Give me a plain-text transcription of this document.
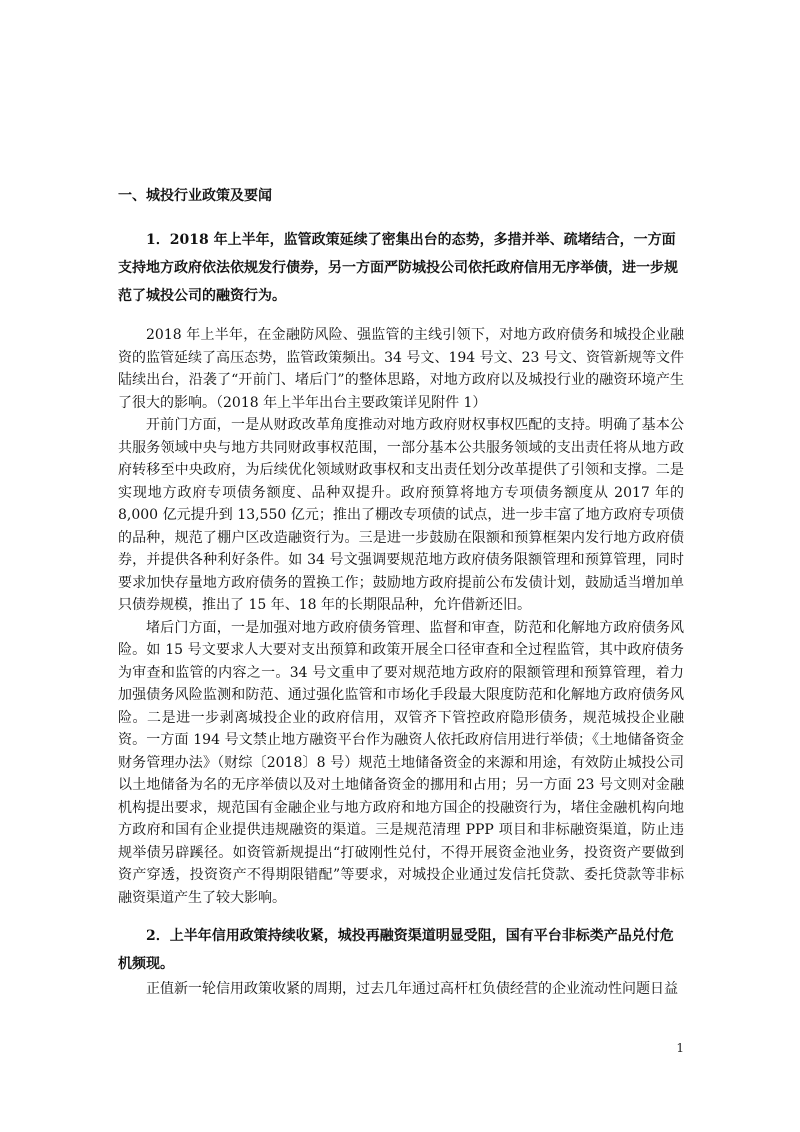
一、城投行业政策及要闻

1．2018 年上半年，监管政策延续了密集出台的态势，多措并举、疏堵结合，一方面支持地方政府依法依规发行债券，另一方面严防城投公司依托政府信用无序举债，进一步规范了城投公司的融资行为。

2018 年上半年，在金融防风险、强监管的主线引领下，对地方政府债务和城投企业融资的监管延续了高压态势，监管政策频出。34 号文、194 号文、23 号文、资管新规等文件陆续出台，沿袭了“开前门、堵后门”的整体思路，对地方政府以及城投行业的融资环境产生了很大的影响。（2018 年上半年出台主要政策详见附件 1）

开前门方面，一是从财政改革角度推动对地方政府财权事权匹配的支持。明确了基本公共服务领域中央与地方共同财政事权范围，一部分基本公共服务领域的支出责任将从地方政府转移至中央政府，为后续优化领域财政事权和支出责任划分改革提供了引领和支撑。二是实现地方政府专项债务额度、品种双提升。政府预算将地方专项债务额度从 2017 年的 8,000 亿元提升到 13,550 亿元；推出了棚改专项债的试点，进一步丰富了地方政府专项债的品种，规范了棚户区改造融资行为。三是进一步鼓励在限额和预算框架内发行地方政府债券，并提供各种利好条件。如 34 号文强调要规范地方政府债务限额管理和预算管理，同时要求加快存量地方政府债务的置换工作；鼓励地方政府提前公布发债计划，鼓励适当增加单只债券规模，推出了 15 年、18 年的长期限品种，允许借新还旧。

堵后门方面，一是加强对地方政府债务管理、监督和审查，防范和化解地方政府债务风险。如 15 号文要求人大要对支出预算和政策开展全口径审查和全过程监管，其中政府债务为审查和监管的内容之一。34 号文重申了要对规范地方政府的限额管理和预算管理，着力加强债务风险监测和防范、通过强化监管和市场化手段最大限度防范和化解地方政府债务风险。二是进一步剥离城投企业的政府信用，双管齐下管控政府隐形债务，规范城投企业融资。一方面 194 号文禁止地方融资平台作为融资人依托政府信用进行举债；《土地储备资金财务管理办法》（财综〔2018〕8 号）规范土地储备资金的来源和用途，有效防止城投公司以土地储备为名的无序举债以及对土地储备资金的挪用和占用；另一方面 23 号文则对金融机构提出要求，规范国有金融企业与地方政府和地方国企的投融资行为，堵住金融机构向地方政府和国有企业提供违规融资的渠道。三是规范清理 PPP 项目和非标融资渠道，防止违规举债另辟蹊径。如资管新规提出“打破刚性兑付，不得开展资金池业务，投资资产要做到资产穿透，投资资产不得期限错配”等要求，对城投企业通过发信托贷款、委托贷款等非标融资渠道产生了较大影响。

2．上半年信用政策持续收紧，城投再融资渠道明显受阻，国有平台非标类产品兑付危机频现。

正值新一轮信用政策收紧的周期，过去几年通过高杆杠负债经营的企业流动性问题日益

1
